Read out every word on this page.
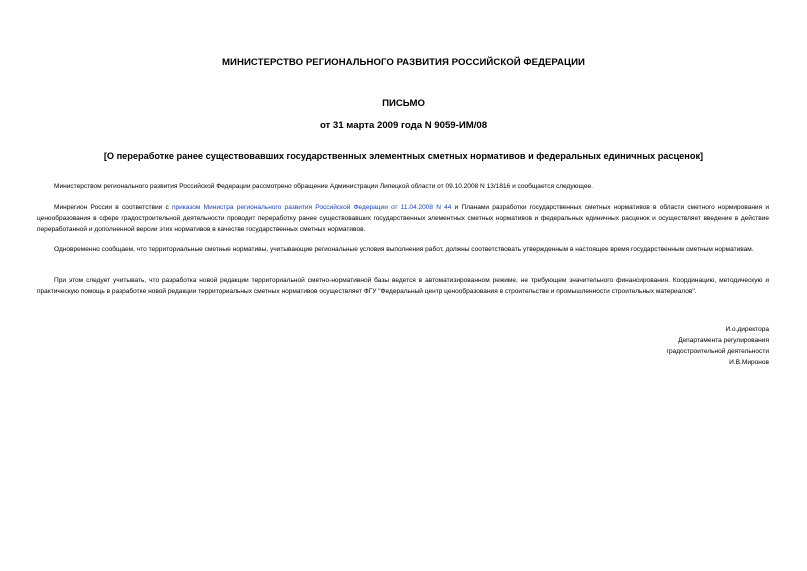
МИНИСТЕРСТВО РЕГИОНАЛЬНОГО РАЗВИТИЯ РОССИЙСКОЙ ФЕДЕРАЦИИ
ПИСЬМО
от 31 марта 2009 года N 9059-ИМ/08
[О переработке ранее существовавших государственных элементных сметных нормативов и федеральных единичных расценок]

Министерством регионального развития Российской Федерации рассмотрено обращение Администрации Липецкой области от 09.10.2008 N 13/1816 и сообщается следующее.

Минрегион России в соответствии с приказом Министра регионального развития Российской Федерации от 11.04.2008 N 44 и Планами разработки государственных сметных нормативов в области сметного нормирования и ценообразования в сфере градостроительной деятельности проводит переработку ранее существовавших государственных элементных сметных нормативов и федеральных единичных расценок и осуществляет введение в действие переработанной и дополненной версии этих нормативов в качестве государственных сметных нормативов.

Одновременно сообщаем, что территориальные сметные нормативы, учитывающие региональные условия выполнения работ, должны соответствовать утвержденным в настоящее время государственным сметным нормативам.

При этом следует учитывать, что разработка новой редакции территориальной сметно-нормативной базы ведется в автоматизированном режиме, не требующем значительного финансирования. Координацию, методическую и практическую помощь в разработке новой редакции территориальных сметных нормативов осуществляет ФГУ "Федеральный центр ценообразования в строительстве и промышленности строительных материалов".

И.о.директора
Департамента регулирования
градостроительной деятельности
И.В.Миронов
